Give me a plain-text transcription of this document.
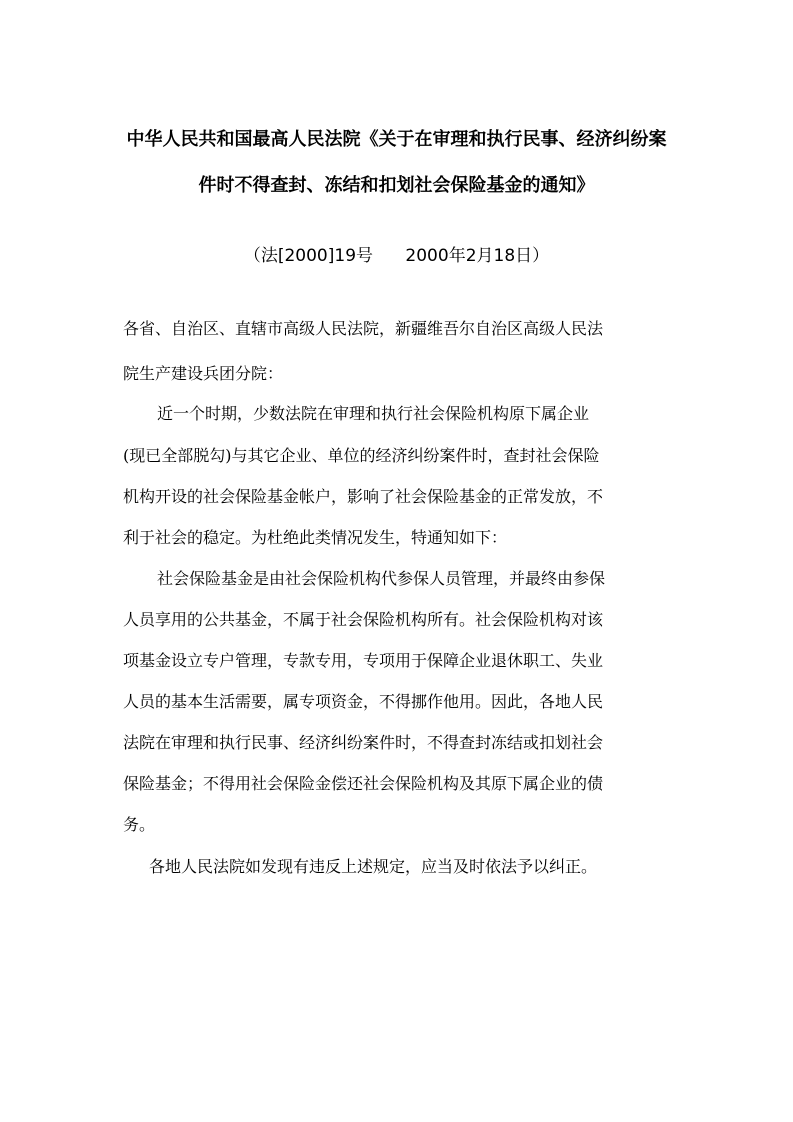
中华人民共和国最高人民法院《关于在审理和执行民事、经济纠纷案
件时不得查封、冻结和扣划社会保险基金的通知》
（法[2000]19号      2000年2月18日）
各省、自治区、直辖市高级人民法院，新疆维吾尔自治区高级人民法
院生产建设兵团分院：
近一个时期，少数法院在审理和执行社会保险机构原下属企业
(现已全部脱勾)与其它企业、单位的经济纠纷案件时，查封社会保险
机构开设的社会保险基金帐户，影响了社会保险基金的正常发放，不
利于社会的稳定。为杜绝此类情况发生，特通知如下：
社会保险基金是由社会保险机构代参保人员管理，并最终由参保
人员享用的公共基金，不属于社会保险机构所有。社会保险机构对该
项基金设立专户管理，专款专用，专项用于保障企业退休职工、失业
人员的基本生活需要，属专项资金，不得挪作他用。因此，各地人民
法院在审理和执行民事、经济纠纷案件时，不得查封冻结或扣划社会
保险基金；不得用社会保险金偿还社会保险机构及其原下属企业的债
务。
各地人民法院如发现有违反上述规定，应当及时依法予以纠正。
